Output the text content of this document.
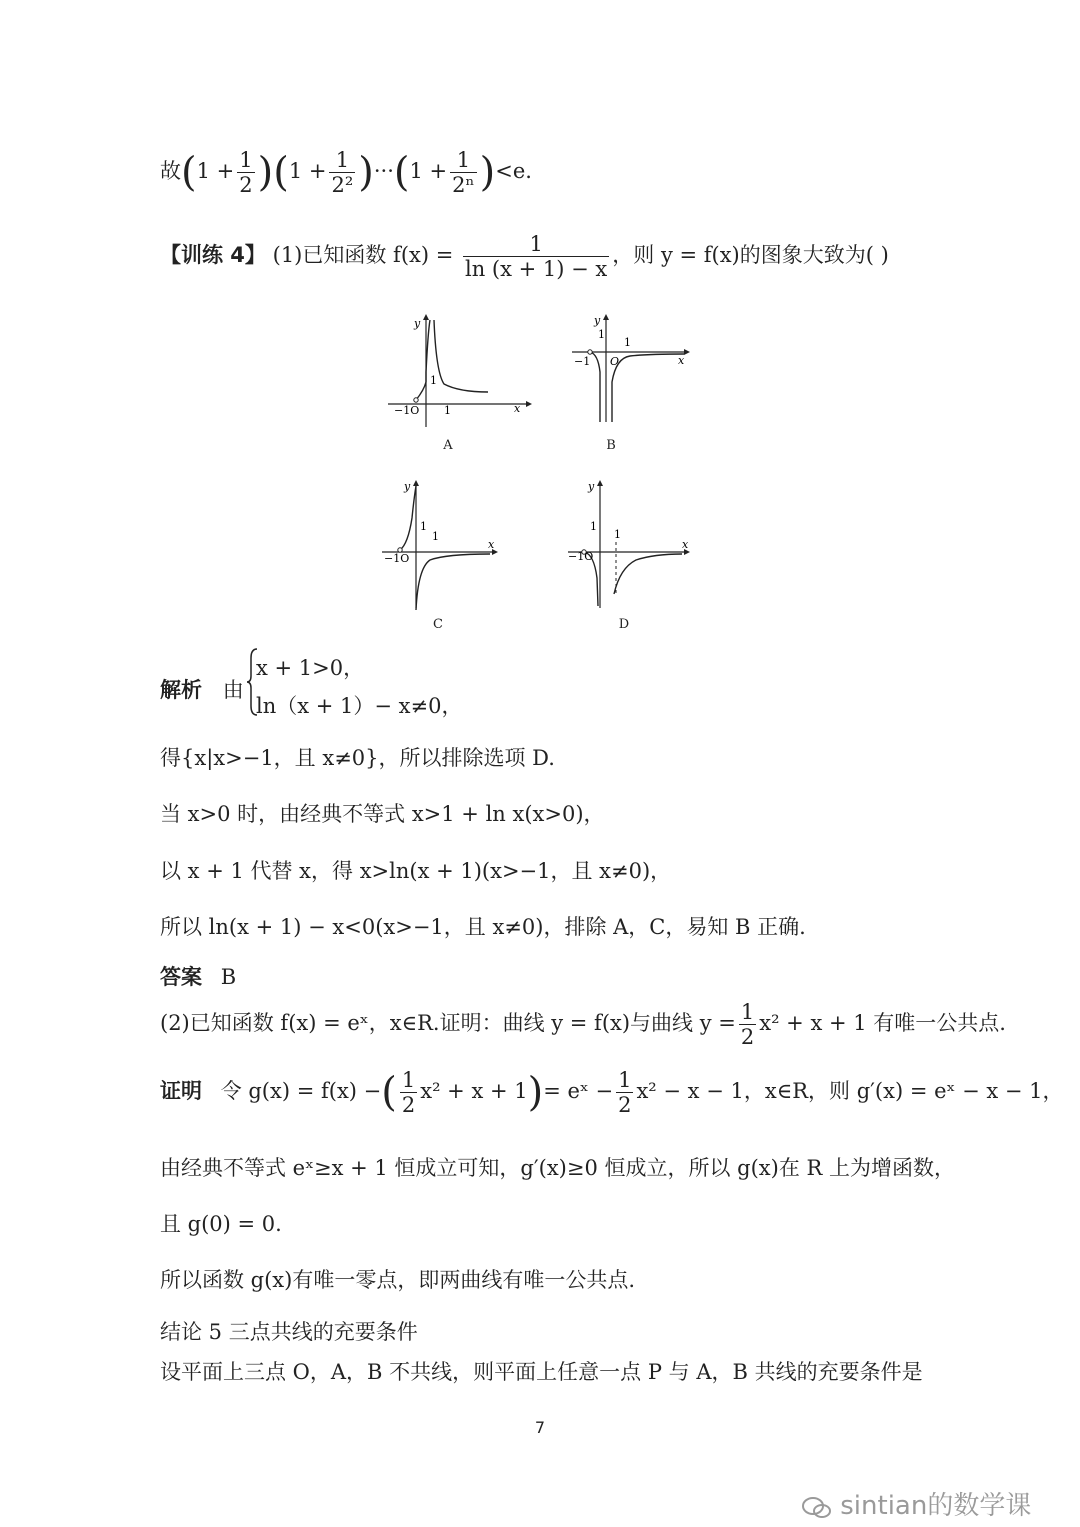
故$(1 + \frac{1}{2} )(1 + \frac{1}{\text{2²}} )\cdot\cdot\cdot(1 + \frac{1}{\text{2ⁿ}} )<e$.
【训练 4】 (1)已知函数 $f(x) = \frac{1}{\ln (x + 1) - x}$ ，则 y = f(x)的图象大致为( )
y
x
−1O 1
1
A
y
x
−1 O
1
1
B
y
x
−1O
1
1
C
y
x
−1O
1
1
D
解析 由
x + 1>0，
ln（x + 1）− x≠0，
得{x|x>−1，且 x≠0}，所以排除选项 D.
当 x>0 时，由经典不等式 x>1 + ln x(x>0)，
以 x + 1 代替 x，得 x>ln(x + 1)(x>−1，且 x≠0)，
所以 ln(x + 1) − x<0(x>−1，且 x≠0)，排除 A，C，易知 B 正确.
答案 B
(2)已知函数 f(x) = eˣ，x∈R.证明：曲线 y = f(x)与曲线 $y = \frac{1}{2} x^2 + x + 1$ 有唯一公共点.
证明 令 g(x) = f(x) −( $\frac{1}{2} x^2 + x + 1)=$ eˣ − $\frac{1}{2} x^2 - x - 1$，x∈R，则 g′(x) = eˣ − x − 1，
由经典不等式 eˣ≥x + 1 恒成立可知，g′(x)≥0 恒成立，所以 g(x)在 R 上为增函数，
且 g(0) = 0.
所以函数 g(x)有唯一零点，即两曲线有唯一公共点.
结论 5 三点共线的充要条件
设平面上三点 O，A，B 不共线，则平面上任意一点 P 与 A，B 共线的充要条件是
7
sintian的数学课
